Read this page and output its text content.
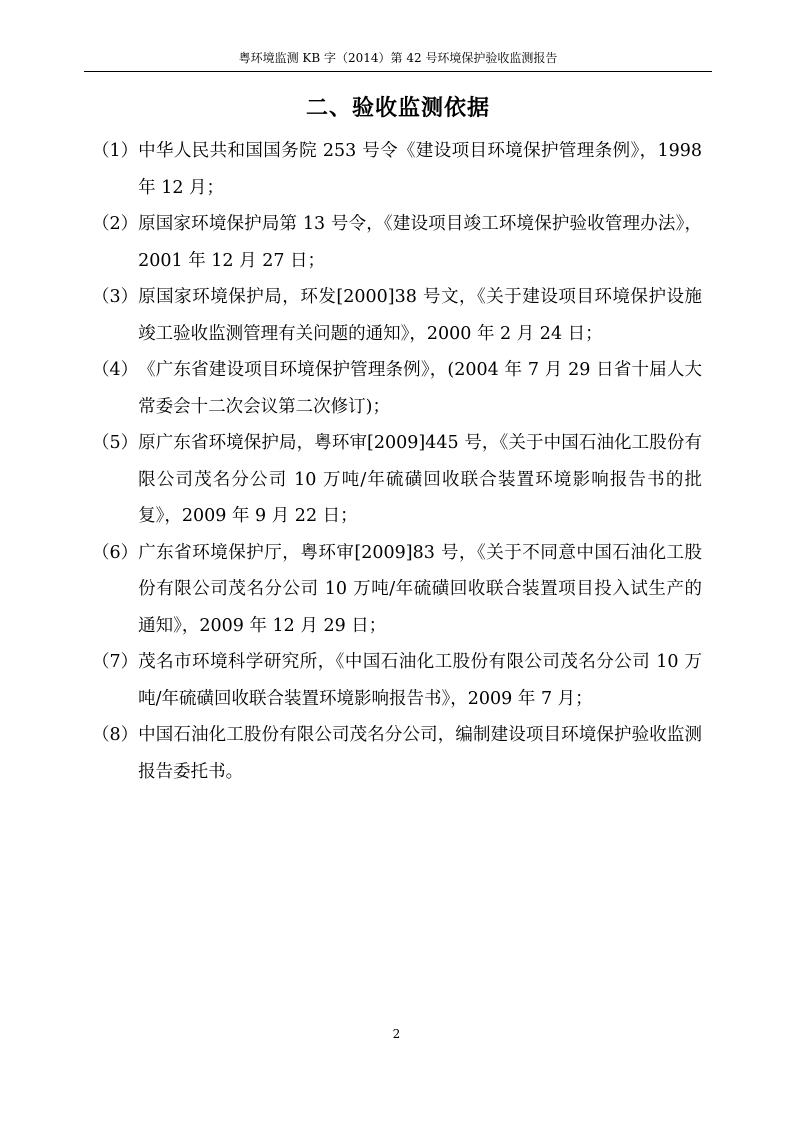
粤环境监测 KB 字（2014）第 42 号环境保护验收监测报告
二、验收监测依据
（1） 中华人民共和国国务院 253 号令《建设项目环境保护管理条例》，1998 年 12 月；
（2） 原国家环境保护局第 13 号令，《建设项目竣工环境保护验收管理办法》，2001 年 12 月 27 日；
（3） 原国家环境保护局，环发[2000]38 号文，《关于建设项目环境保护设施竣工验收监测管理有关问题的通知》，2000 年 2 月 24 日；
（4） 《广东省建设项目环境保护管理条例》，(2004 年 7 月 29 日省十届人大常委会十二次会议第二次修订)；
（5） 原广东省环境保护局，粤环审[2009]445 号，《关于中国石油化工股份有限公司茂名分公司 10 万吨/年硫磺回收联合装置环境影响报告书的批复》，2009 年 9 月 22 日；
（6） 广东省环境保护厅，粤环审[2009]83 号，《关于不同意中国石油化工股份有限公司茂名分公司 10 万吨/年硫磺回收联合装置项目投入试生产的通知》，2009 年 12 月 29 日；
（7） 茂名市环境科学研究所，《中国石油化工股份有限公司茂名分公司 10 万吨/年硫磺回收联合装置环境影响报告书》，2009 年 7 月；
（8） 中国石油化工股份有限公司茂名分公司，编制建设项目环境保护验收监测报告委托书。
2
